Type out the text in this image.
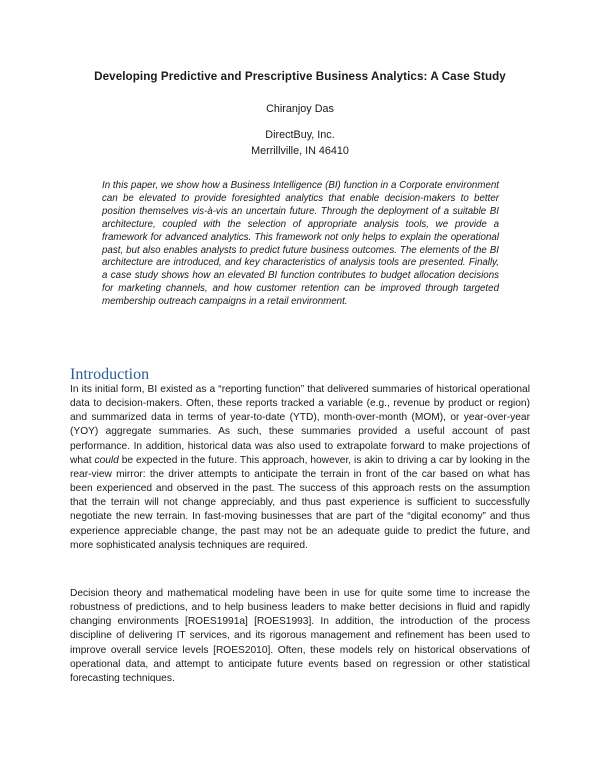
Developing Predictive and Prescriptive Business Analytics: A Case Study
Chiranjoy Das
DirectBuy, Inc.
Merrillville, IN 46410

In this paper, we show how a Business Intelligence (BI) function in a Corporate environment can be elevated to provide foresighted analytics that enable decision-makers to better position themselves vis-à-vis an uncertain future. Through the deployment of a suitable BI architecture, coupled with the selection of appropriate analysis tools, we provide a framework for advanced analytics. This framework not only helps to explain the operational past, but also enables analysts to predict future business outcomes. The elements of the BI architecture are introduced, and key characteristics of analysis tools are presented. Finally, a case study shows how an elevated BI function contributes to budget allocation decisions for marketing channels, and how customer retention can be improved through targeted membership outreach campaigns in a retail environment.

Introduction

In its initial form, BI existed as a “reporting function” that delivered summaries of historical operational data to decision-makers. Often, these reports tracked a variable (e.g., revenue by product or region) and summarized data in terms of year-to-date (YTD), month-over-month (MOM), or year-over-year (YOY) aggregate summaries. As such, these summaries provided a useful account of past performance. In addition, historical data was also used to extrapolate forward to make projections of what could be expected in the future. This approach, however, is akin to driving a car by looking in the rear-view mirror: the driver attempts to anticipate the terrain in front of the car based on what has been experienced and observed in the past. The success of this approach rests on the assumption that the terrain will not change appreciably, and thus past experience is sufficient to successfully negotiate the new terrain. In fast-moving businesses that are part of the “digital economy” and thus experience appreciable change, the past may not be an adequate guide to predict the future, and more sophisticated analysis techniques are required.

Decision theory and mathematical modeling have been in use for quite some time to increase the robustness of predictions, and to help business leaders to make better decisions in fluid and rapidly changing environments [ROES1991a] [ROES1993]. In addition, the introduction of the process discipline of delivering IT services, and its rigorous management and refinement has been used to improve overall service levels [ROES2010]. Often, these models rely on historical observations of operational data, and attempt to anticipate future events based on regression or other statistical forecasting techniques.
